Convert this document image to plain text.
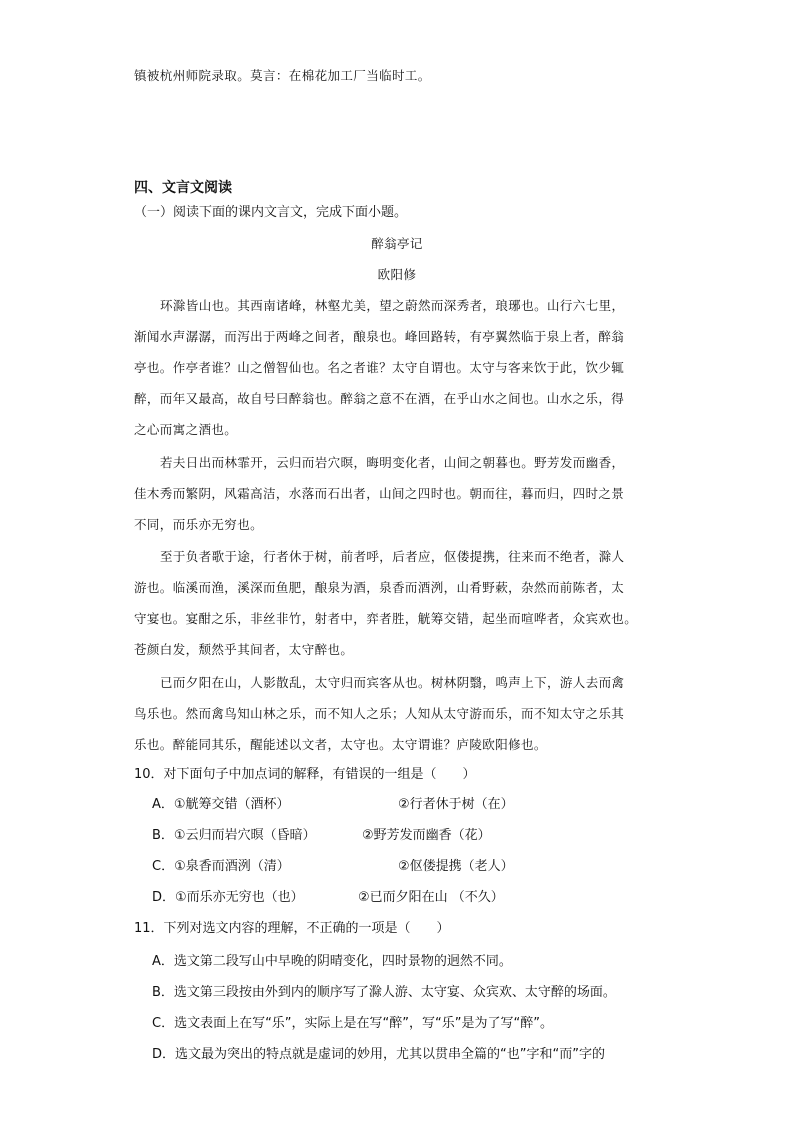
镇被杭州师院录取。莫言：在棉花加工厂当临时工。
四、文言文阅读
（一）阅读下面的课内文言文，完成下面小题。
醉翁亭记
欧阳修
环滁皆山也。其西南诸峰，林壑尤美，望之蔚然而深秀者，琅琊也。山行六七里，
渐闻水声潺潺，而泻出于两峰之间者，酿泉也。峰回路转，有亭翼然临于泉上者，醉翁
亭也。作亭者谁？山之僧智仙也。名之者谁？太守自谓也。太守与客来饮于此，饮少辄
醉，而年又最高，故自号曰醉翁也。醉翁之意不在酒，在乎山水之间也。山水之乐，得
之心而寓之酒也。
若夫日出而林霏开，云归而岩穴暝，晦明变化者，山间之朝暮也。野芳发而幽香，
佳木秀而繁阴，风霜高洁，水落而石出者，山间之四时也。朝而往，暮而归，四时之景
不同，而乐亦无穷也。
至于负者歌于途，行者休于树，前者呼，后者应，伛偻提携，往来而不绝者，滁人
游也。临溪而渔，溪深而鱼肥，酿泉为酒，泉香而酒洌，山肴野蔌，杂然而前陈者，太
守宴也。宴酣之乐，非丝非竹，射者中，弈者胜，觥筹交错，起坐而喧哗者，众宾欢也。
苍颜白发，颓然乎其间者，太守醉也。
已而夕阳在山，人影散乱，太守归而宾客从也。树林阴翳，鸣声上下，游人去而禽
鸟乐也。然而禽鸟知山林之乐，而不知人之乐；人知从太守游而乐，而不知太守之乐其
乐也。醉能同其乐，醒能述以文者，太守也。太守谓谁？庐陵欧阳修也。
10．对下面句子中加点词的解释，有错误的一组是（　　）
A．①觥筹交错（酒杯）	②行者休于树（在）
B．①云归而岩穴暝（昏暗）	②野芳发而幽香（花）
C．①泉香而酒洌（清）	②伛偻提携（老人）
D．①而乐亦无穷也（也）	②已而夕阳在山 （不久）
11．下列对选文内容的理解，不正确的一项是（　　）
A．选文第二段写山中早晚的阴晴变化，四时景物的迥然不同。
B．选文第三段按由外到内的顺序写了滁人游、太守宴、众宾欢、太守醉的场面。
C．选文表面上在写“乐”，实际上是在写“醉”，写“乐”是为了写“醉”。
D．选文最为突出的特点就是虚词的妙用，尤其以贯串全篇的“也”字和“而”字的
